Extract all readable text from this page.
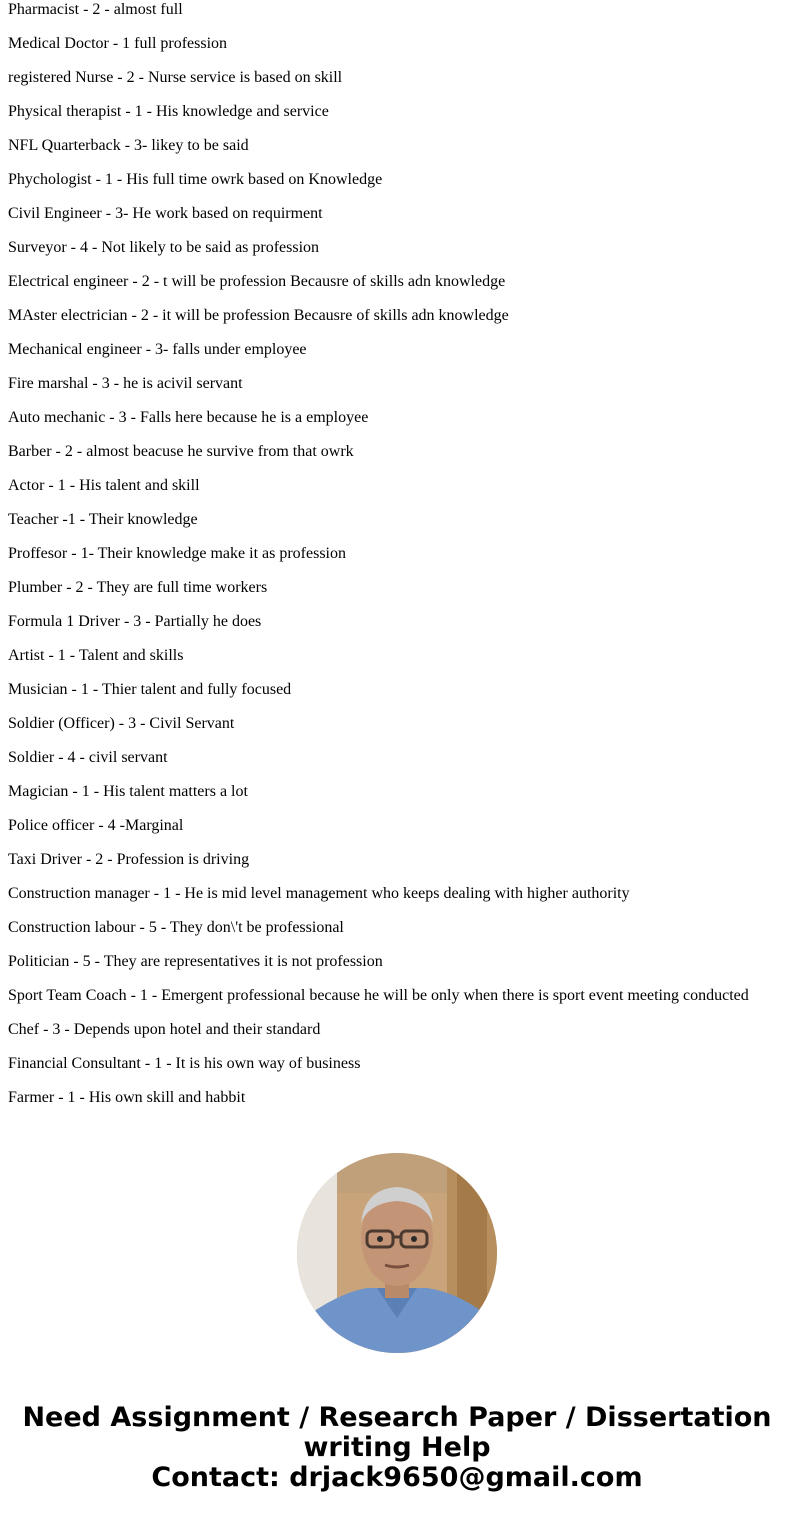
Pharmacist - 2 - almost full

Medical Doctor - 1 full profession

registered Nurse - 2 - Nurse service is based on skill

Physical therapist - 1 - His knowledge and service

NFL Quarterback - 3- likey to be said

Phychologist - 1 - His full time owrk based on Knowledge

Civil Engineer - 3- He work based on requirment

Surveyor - 4 - Not likely to be said as profession

Electrical engineer - 2 - t will be profession Becausre of skills adn knowledge

MAster electrician - 2 - it will be profession Becausre of skills adn knowledge

Mechanical engineer - 3- falls under employee

Fire marshal - 3 - he is acivil servant

Auto mechanic - 3 - Falls here because he is a employee

Barber - 2 - almost beacuse he survive from that owrk

Actor - 1 - His talent and skill

Teacher -1 - Their knowledge

Proffesor - 1- Their knowledge make it as profession

Plumber - 2 - They are full time workers

Formula 1 Driver - 3 - Partially he does

Artist - 1 - Talent and skills

Musician - 1 - Thier talent and fully focused

Soldier (Officer) - 3 - Civil Servant

Soldier - 4 - civil servant

Magician - 1 - His talent matters a lot

Police officer - 4 -Marginal

Taxi Driver - 2 - Profession is driving

Construction manager - 1 - He is mid level management who keeps dealing with higher authority

Construction labour - 5 - They don\'t be professional

Politician - 5 - They are representatives it is not profession

Sport Team Coach - 1 - Emergent professional because he will be only when there is sport event meeting conducted

Chef - 3 - Depends upon hotel and their standard

Financial Consultant - 1 - It is his own way of business

Farmer - 1 - His own skill and habbit

Need Assignment / Research Paper / Dissertation
writing Help
Contact: drjack9650@gmail.com
